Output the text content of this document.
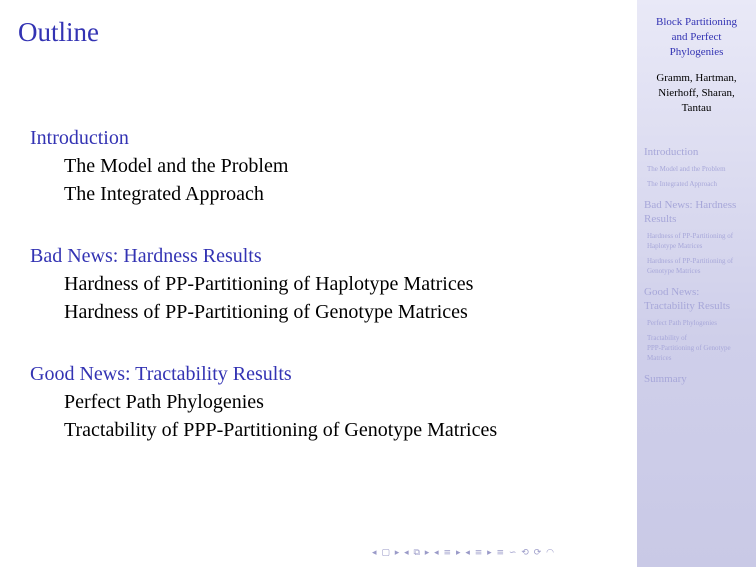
Outline
Introduction
The Model and the Problem
The Integrated Approach
Bad News: Hardness Results
Hardness of PP-Partitioning of Haplotype Matrices
Hardness of PP-Partitioning of Genotype Matrices
Good News: Tractability Results
Perfect Path Phylogenies
Tractability of PPP-Partitioning of Genotype Matrices
◂ ▢ ▸ ◂ ⧉ ▸ ◂ ≡ ▸ ◂ ≡ ▸ ≡ ∽ ⟲ ⟳ ◠
Block Partitioning
and Perfect
Phylogenies
Gramm, Hartman,
Nierhoff, Sharan,
Tantau
Introduction
The Model and the Problem
The Integrated Approach
Bad News: Hardness
Results
Hardness of PP-Partitioning of
Haplotype Matrices
Hardness of PP-Partitioning of
Genotype Matrices
Good News:
Tractability Results
Perfect Path Phylogenies
Tractability of
PPP-Partitioning of Genotype
Matrices
Summary
